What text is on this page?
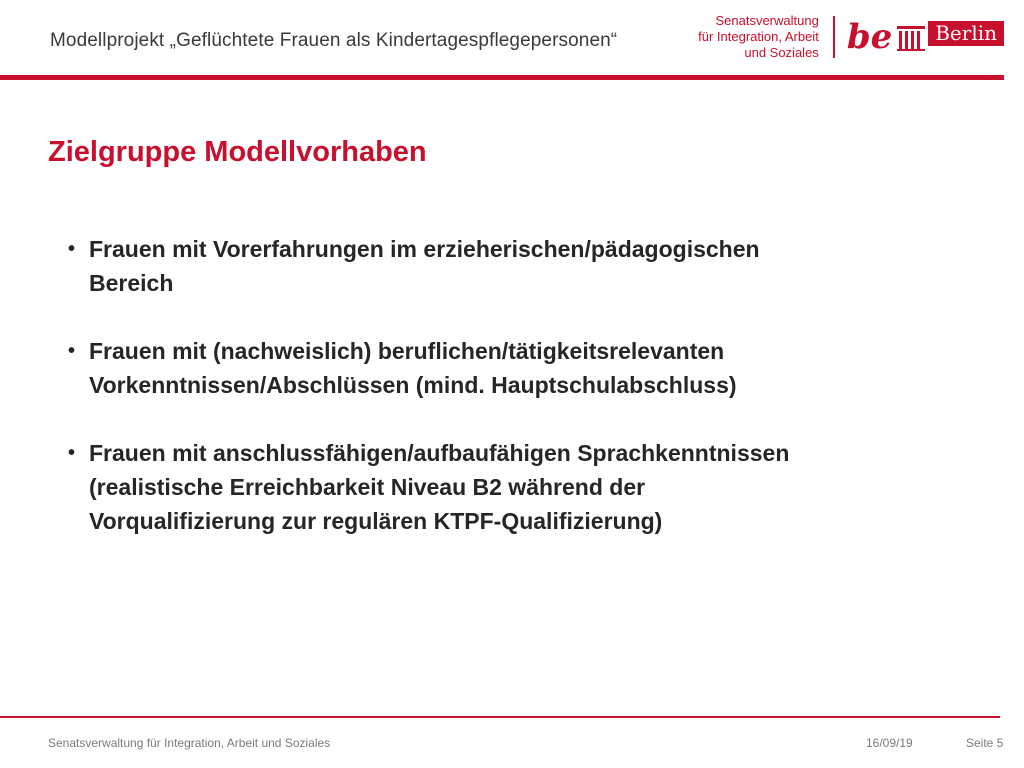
Modellprojekt „Geflüchtete Frauen als Kindertagespflegepersonen“
Senatsverwaltung
für Integration, Arbeit
und Soziales be	Berlin
Zielgruppe Modellvorhaben
• Frauen mit Vorerfahrungen im erzieherischen/pädagogischen Bereich
• Frauen mit (nachweislich) beruflichen/tätigkeitsrelevanten Vorkenntnissen/Abschlüssen (mind. Hauptschulabschluss)
• Frauen mit anschlussfähigen/aufbaufähigen Sprachkenntnissen (realistische Erreichbarkeit Niveau B2 während der Vorqualifizierung zur regulären KTPF-Qualifizierung)
Senatsverwaltung für Integration, Arbeit und Soziales	16/09/19	Seite 5
